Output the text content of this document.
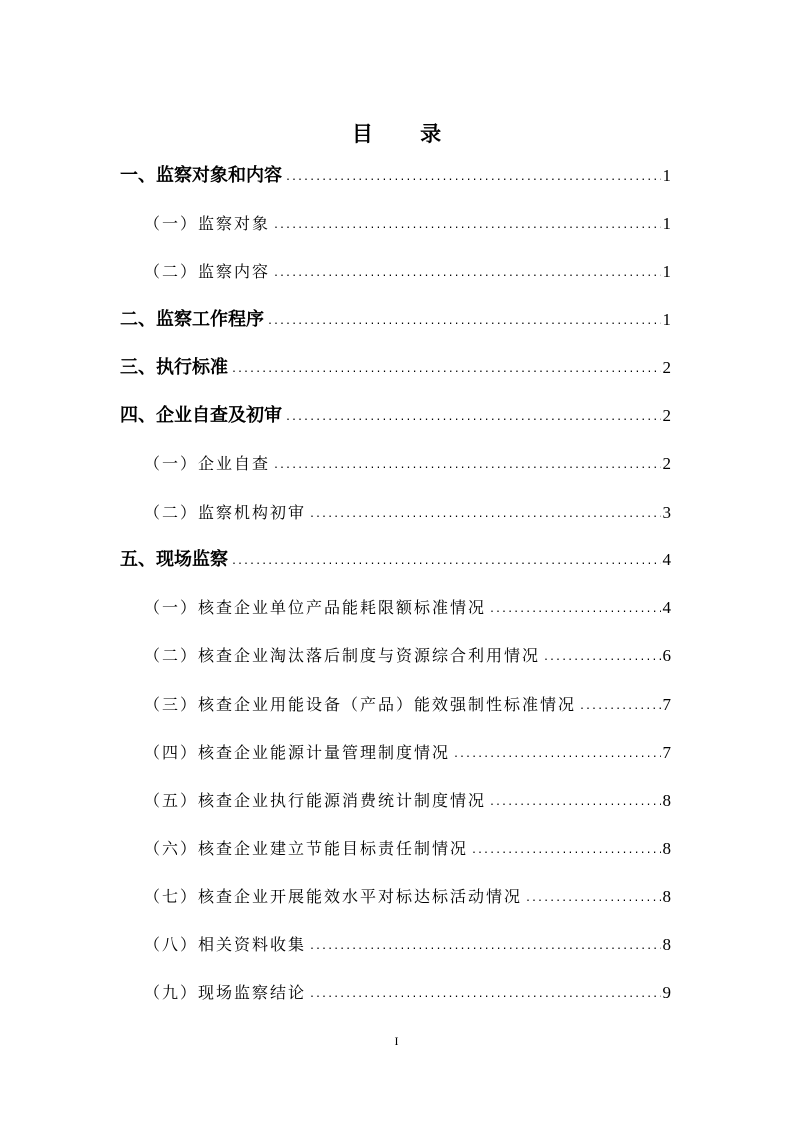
目 录
一、监察对象和内容 .....	1
（一）监察对象 .....	1
（二）监察内容 .....	1
二、监察工作程序 .....	1
三、执行标准 .....	2
四、企业自查及初审 .....	2
（一）企业自查 .....	2
（二）监察机构初审 .....	3
五、现场监察 .....	4
（一）核查企业单位产品能耗限额标准情况 .....	4
（二）核查企业淘汰落后制度与资源综合利用情况 .....	6
（三）核查企业用能设备（产品）能效强制性标准情况 .....	7
（四）核查企业能源计量管理制度情况 .....	7
（五）核查企业执行能源消费统计制度情况 .....	8
（六）核查企业建立节能目标责任制情况 .....	8
（七）核查企业开展能效水平对标达标活动情况 .....	8
（八）相关资料收集 .....	8
（九）现场监察结论 .....	9
I
